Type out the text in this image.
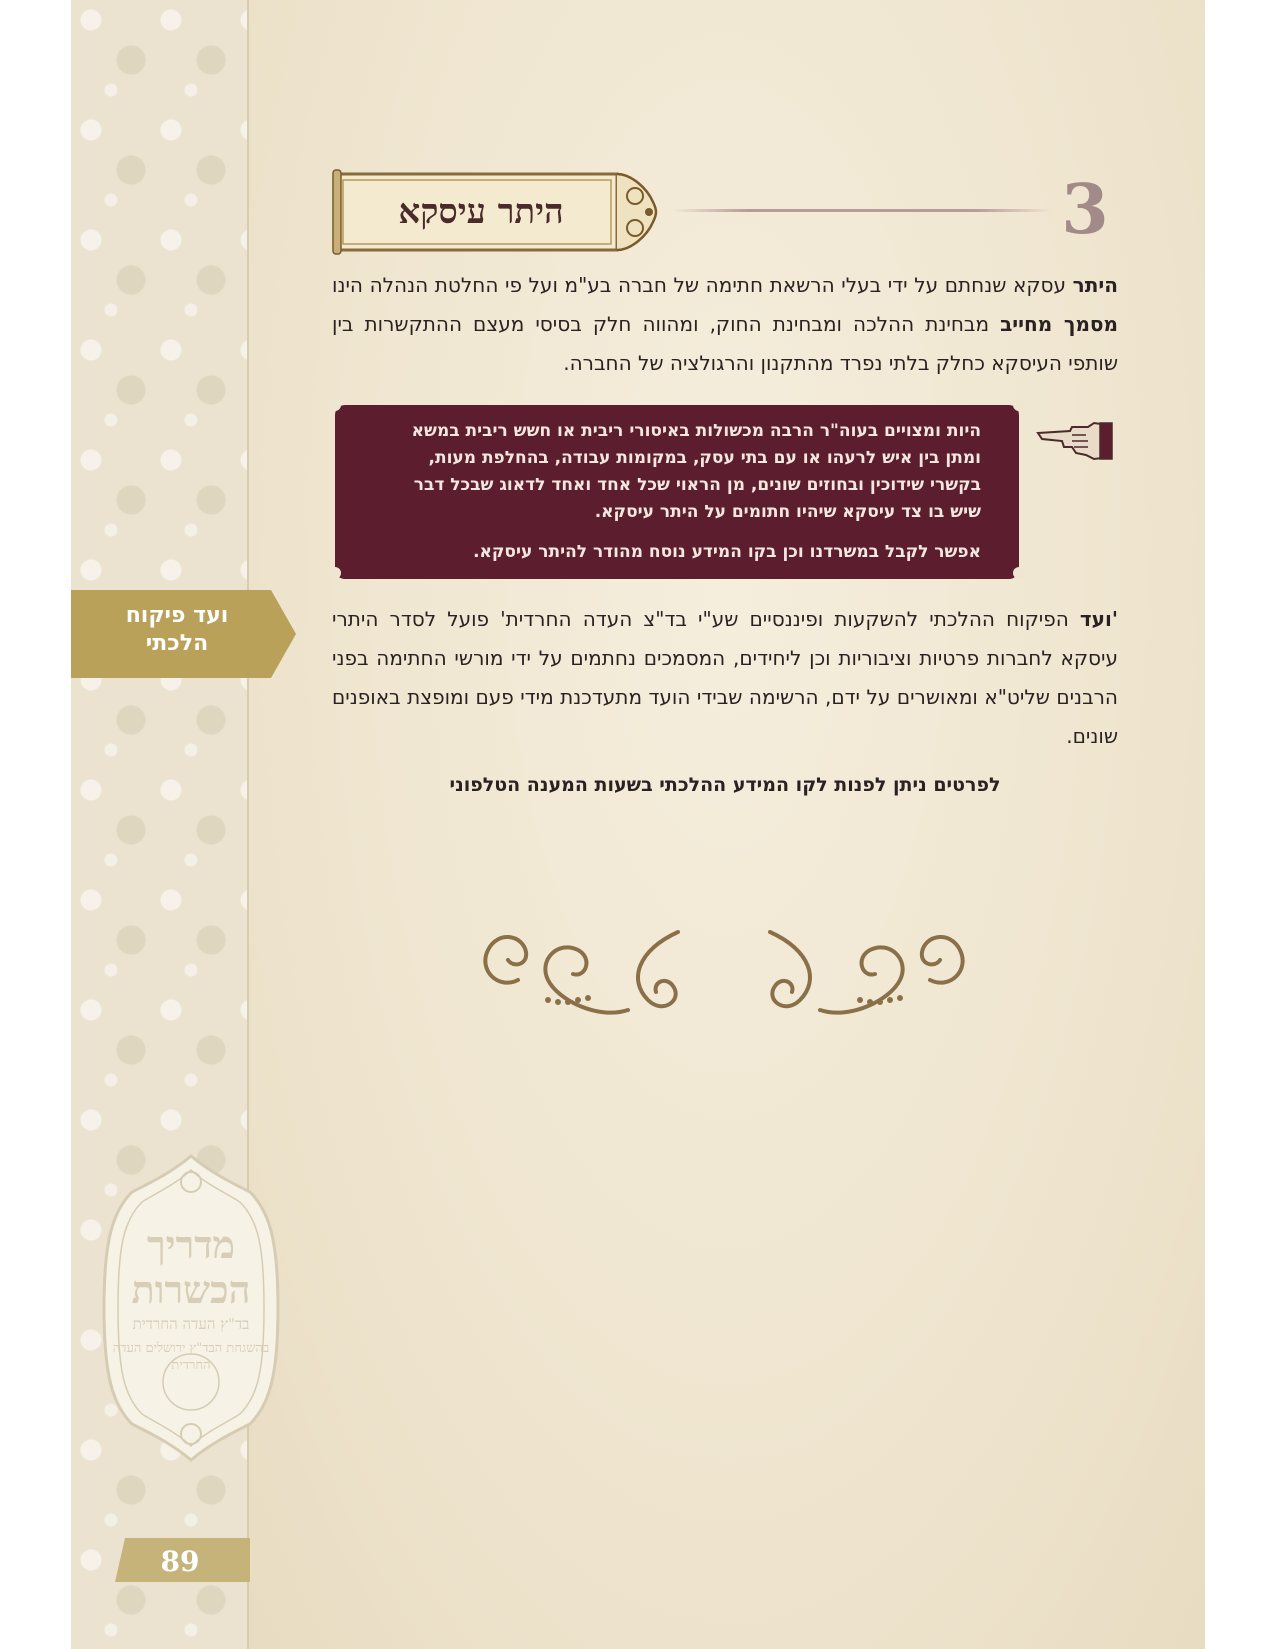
היתר עיסקא	3
היתר עסקא שנחתם על ידי בעלי הרשאת חתימה של חברה בע"מ ועל פי החלטת הנהלה הינו מסמך מחייב מבחינת ההלכה ומבחינת החוק, ומהווה חלק בסיסי מעצם ההתקשרות בין שותפי העיסקא כחלק בלתי נפרד מהתקנון והרגולציה של החברה.
היות ומצויים בעוה"ר הרבה מכשולות באיסורי ריבית או חשש ריבית במשא ומתן בין איש לרעהו או עם בתי עסק, במקומות עבודה, בהחלפת מעות, בקשרי שידוכין ובחוזים שונים, מן הראוי שכל אחד ואחד לדאוג שבכל דבר שיש בו צד עיסקא שיהיו חתומים על היתר עיסקא.
אפשר לקבל במשרדנו וכן בקו המידע נוסח מהודר להיתר עיסקא.
ועד פיקוח
הלכתי
'ועד הפיקוח ההלכתי להשקעות ופיננסיים שע"י בד"צ העדה החרדית' פועל לסדר היתרי עיסקא לחברות פרטיות וציבוריות וכן ליחידים, המסמכים נחתמים על ידי מורשי החתימה בפני הרבנים שליט"א ומאושרים על ידם, הרשימה שבידי הועד מתעדכנת מידי פעם ומופצת באופנים שונים.
לפרטים ניתן לפנות לקו המידע ההלכתי בשעות המענה הטלפוני
מדריך
הכשרות
בד"ץ העדה החרדית
בהשגחת הבד"ץ ירושלים העדה החרדית
89
